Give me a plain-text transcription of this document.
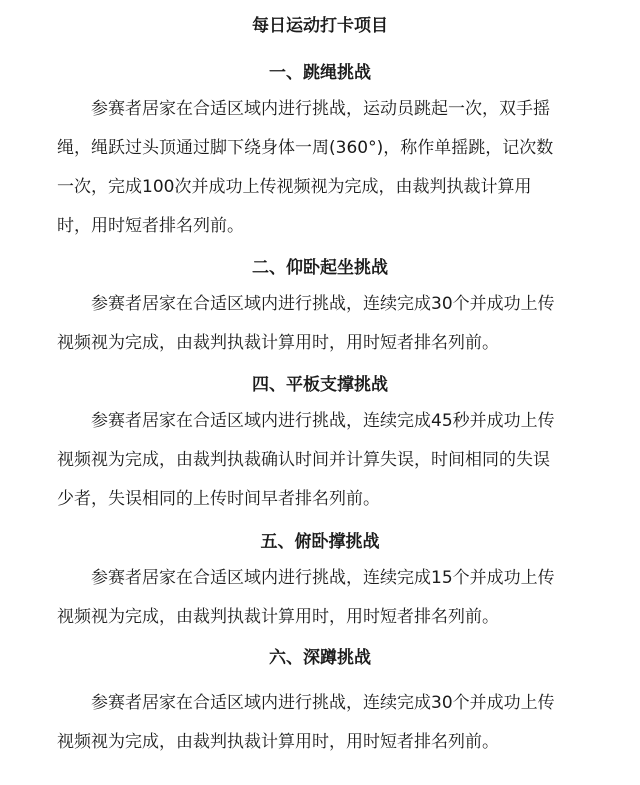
每日运动打卡项目
一、跳绳挑战
参赛者居家在合适区域内进行挑战，运动员跳起一次，双手摇
绳，绳跃过头顶通过脚下绕身体一周(360°)，称作单摇跳，记次数
一次，完成100次并成功上传视频视为完成，由裁判执裁计算用
时，用时短者排名列前。
二、仰卧起坐挑战
参赛者居家在合适区域内进行挑战，连续完成30个并成功上传
视频视为完成，由裁判执裁计算用时，用时短者排名列前。
四、平板支撑挑战
参赛者居家在合适区域内进行挑战，连续完成45秒并成功上传
视频视为完成，由裁判执裁确认时间并计算失误，时间相同的失误
少者，失误相同的上传时间早者排名列前。
五、俯卧撑挑战
参赛者居家在合适区域内进行挑战，连续完成15个并成功上传
视频视为完成，由裁判执裁计算用时，用时短者排名列前。
六、深蹲挑战
参赛者居家在合适区域内进行挑战，连续完成30个并成功上传
视频视为完成，由裁判执裁计算用时，用时短者排名列前。
